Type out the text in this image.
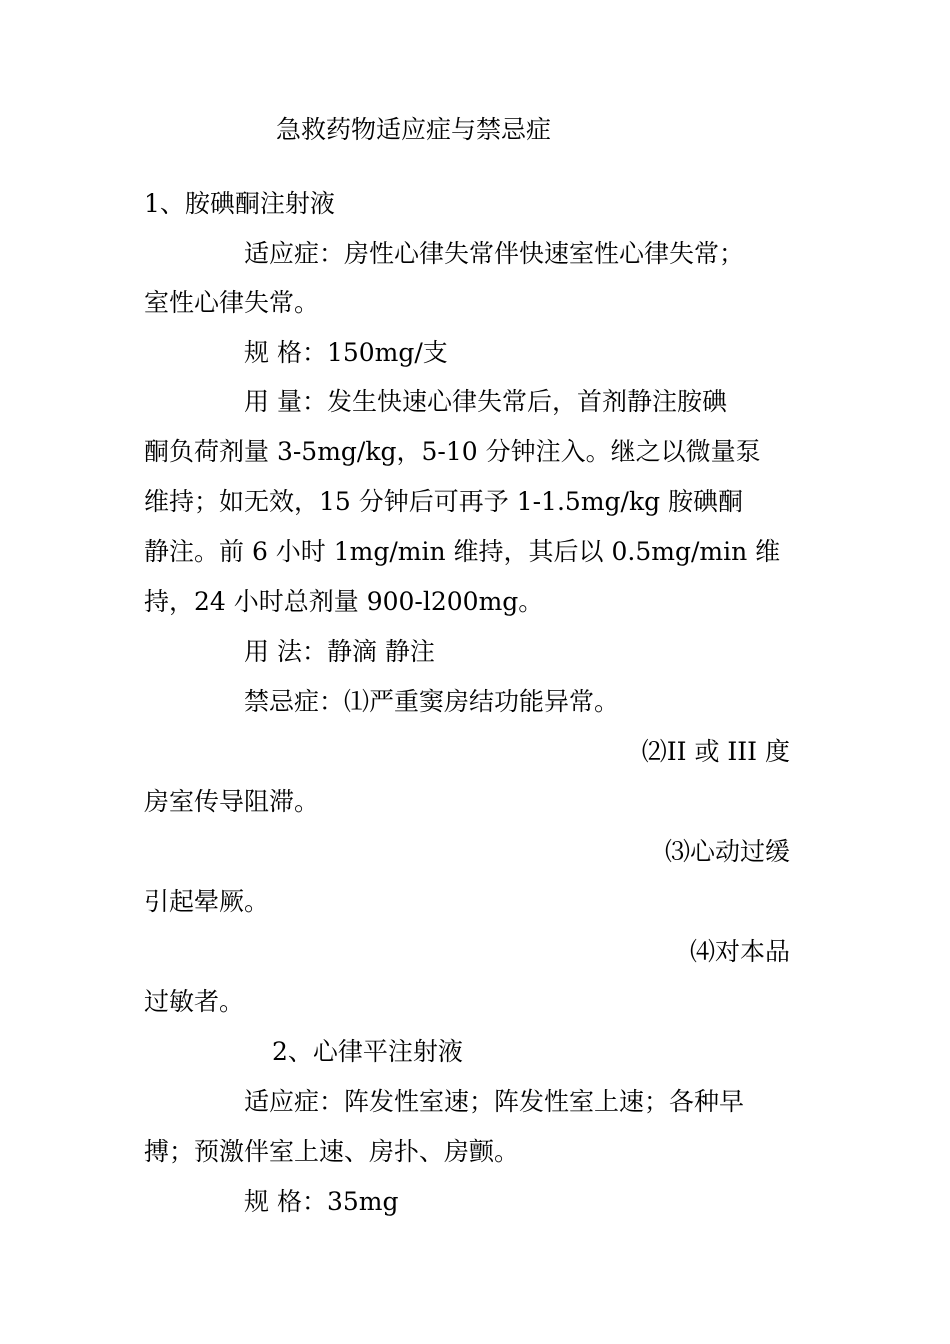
急救药物适应症与禁忌症
1、胺碘酮注射液
适应症：房性心律失常伴快速室性心律失常；
室性心律失常。
规 格：150mg/支
用 量：发生快速心律失常后，首剂静注胺碘
酮负荷剂量 3-5mg/kg，5-10 分钟注入。继之以微量泵
维持；如无效，15 分钟后可再予 1-1.5mg/kg 胺碘酮
静注。前 6 小时 1mg/min 维持，其后以 0.5mg/min 维
持，24 小时总剂量 900-l200mg。
用 法：静滴 静注
禁忌症：⑴严重窦房结功能异常。
⑵II 或 III 度
房室传导阻滞。
⑶心动过缓
引起晕厥。
⑷对本品
过敏者。
2、心律平注射液
适应症：阵发性室速；阵发性室上速；各种早
搏；预激伴室上速、房扑、房颤。
规 格：35mg
